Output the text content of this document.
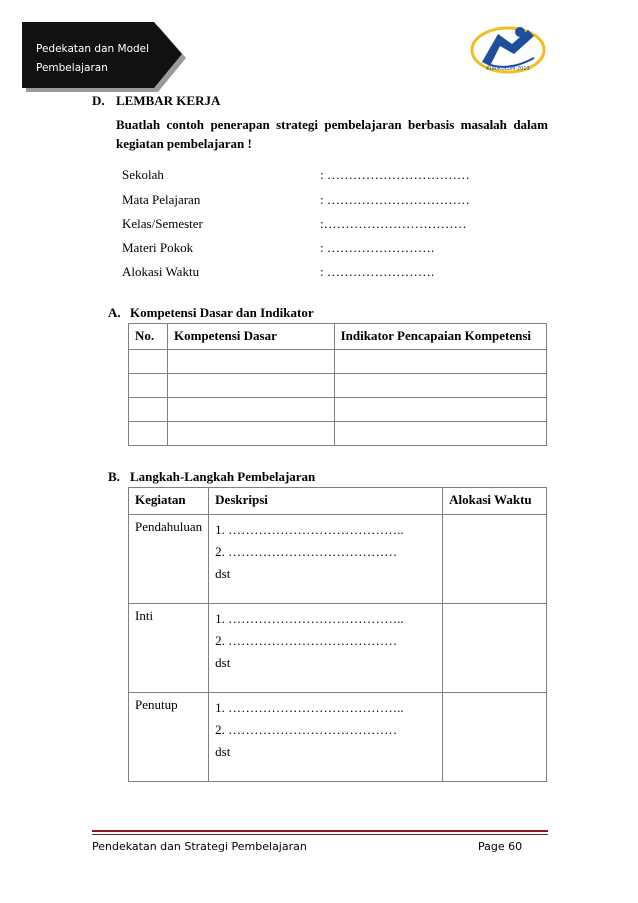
Pedekatan dan Model
Pembelajaran	KURIKULUM 2013
D. LEMBAR KERJA
Buatlah contoh penerapan strategi pembelajaran berbasis masalah dalam kegiatan pembelajaran !
Sekolah	: ……………………………
Mata Pelajaran	: ……………………………
Kelas/Semester	:……………………………
Materi Pokok	: …………………….
Alokasi Waktu	: …………………….
A. Kompetensi Dasar dan Indikator
No.	Kompetensi Dasar	Indikator Pencapaian Kompetensi

B. Langkah-Langkah Pembelajaran
Kegiatan	Deskripsi	Alokasi Waktu
Pendahuluan	1. …………………………………..
2. …………………………………
dst	

Inti	1. …………………………………..
2. …………………………………
dst	

Penutup	1. …………………………………..
2. …………………………………
dst	

Pendekatan dan Strategi Pembelajaran	Page 60
